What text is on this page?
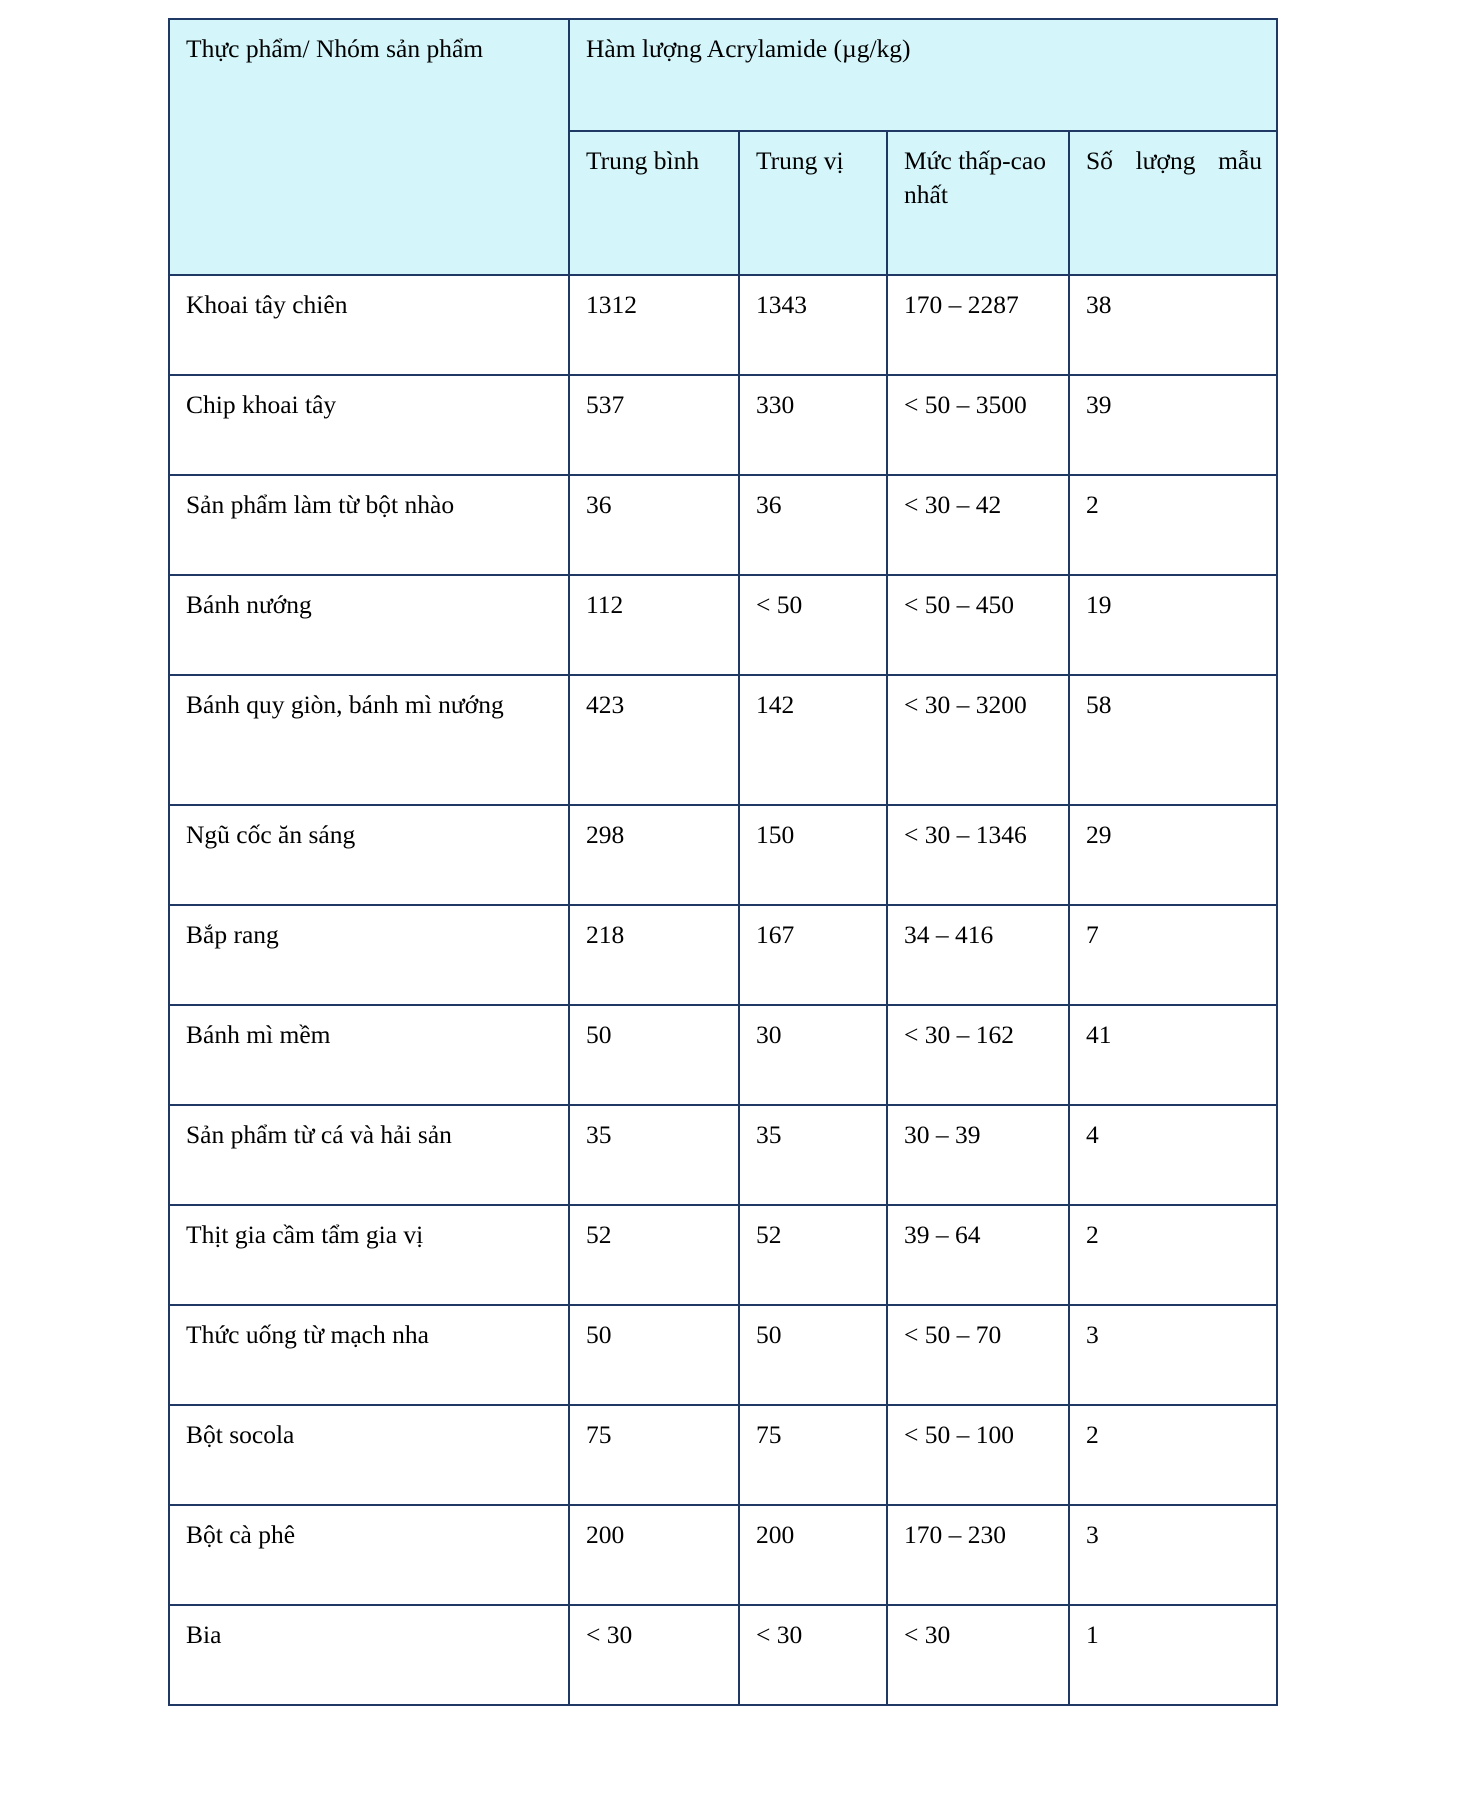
Thực phẩm/ Nhóm sản phẩm	Hàm lượng Acrylamide (µg/kg)			
	Trung bình	Trung vị	Mức thấp-cao nhất	Số lượng mẫu
Khoai tây chiên	1312	1343	170 – 2287	38
Chip khoai tây	537	330	< 50 – 3500	39
Sản phẩm làm từ bột nhào	36	36	< 30 – 42	2
Bánh nướng	112	< 50	< 50 – 450	19
Bánh quy giòn, bánh mì nướng	423	142	< 30 – 3200	58
Ngũ cốc ăn sáng	298	150	< 30 – 1346	29
Bắp rang	218	167	34 – 416	7
Bánh mì mềm	50	30	< 30 – 162	41
Sản phẩm từ cá và hải sản	35	35	30 – 39	4
Thịt gia cầm tẩm gia vị	52	52	39 – 64	2
Thức uống từ mạch nha	50	50	< 50 – 70	3
Bột socola	75	75	< 50 – 100	2
Bột cà phê	200	200	170 – 230	3
Bia	< 30	< 30	< 30	1
